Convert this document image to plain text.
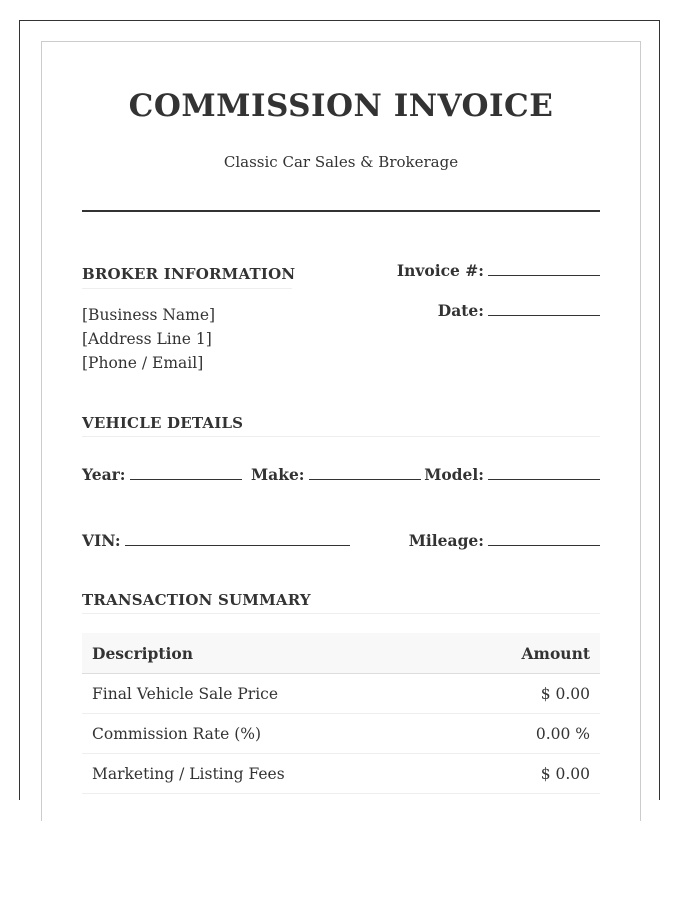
COMMISSION INVOICE
Classic Car Sales & Brokerage
BROKER INFORMATION
[Business Name]
[Address Line 1]
[Phone / Email]
Invoice #:
Date:
VEHICLE DETAILS
Year:	Make:	Model:
VIN:	Mileage:
TRANSACTION SUMMARY
Description	Amount
Final Vehicle Sale Price	$ 0.00
Commission Rate (%)	0.00 %
Marketing / Listing Fees	$ 0.00
